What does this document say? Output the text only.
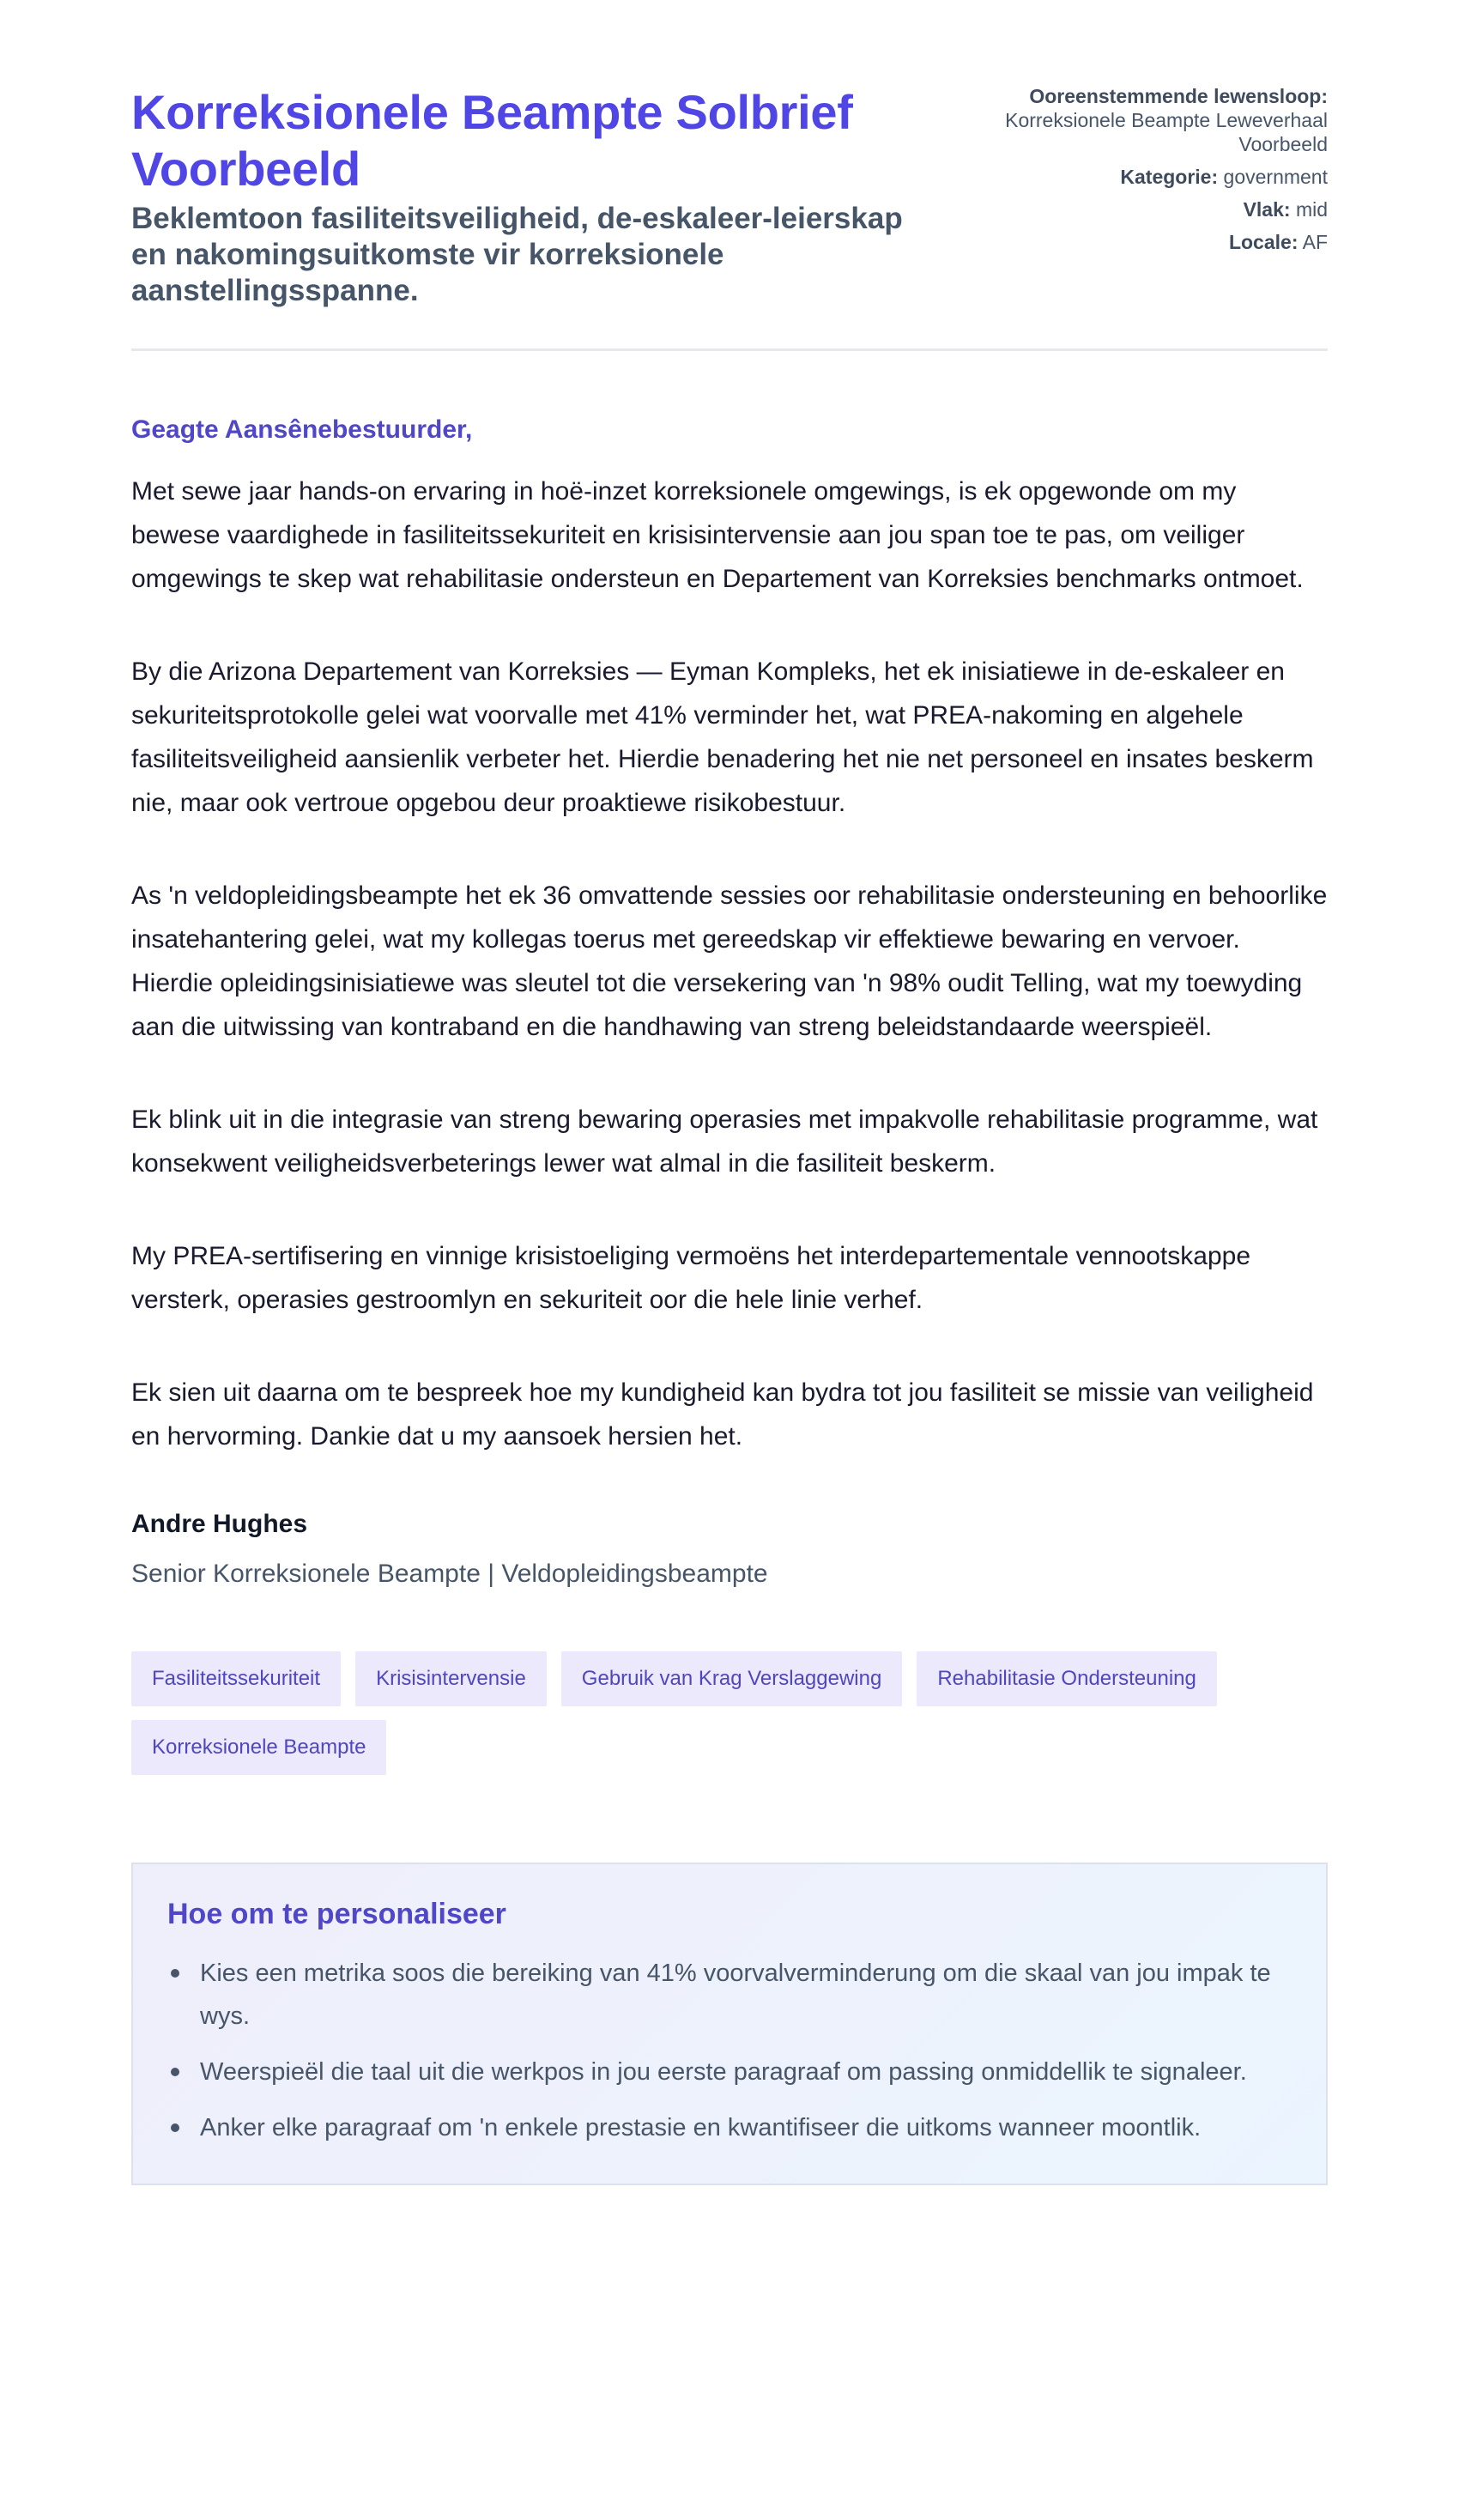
Korreksionele Beampte Solbrief Voorbeeld
Beklemtoon fasiliteitsveiligheid, de-eskaleer-leierskap en nakomingsuitkomste vir korreksionele aanstellingsspanne.
Ooreenstemmende lewensloop:
Korreksionele Beampte Leweverhaal Voorbeeld
Kategorie: government
Vlak: mid
Locale: AF

Geagte Aansênebestuurder,

Met sewe jaar hands-on ervaring in hoë-inzet korreksionele omgewings, is ek opgewonde om my bewese vaardighede in fasiliteitssekuriteit en krisisintervensie aan jou span toe te pas, om veiliger omgewings te skep wat rehabilitasie ondersteun en Departement van Korreksies benchmarks ontmoet.

By die Arizona Departement van Korreksies — Eyman Kompleks, het ek inisiatiewe in de-eskaleer en sekuriteitsprotokolle gelei wat voorvalle met 41% verminder het, wat PREA-nakoming en algehele fasiliteitsveiligheid aansienlik verbeter het. Hierdie benadering het nie net personeel en insates beskerm nie, maar ook vertroue opgebou deur proaktiewe risikobestuur.

As 'n veldopleidingsbeampte het ek 36 omvattende sessies oor rehabilitasie ondersteuning en behoorlike insatehantering gelei, wat my kollegas toerus met gereedskap vir effektiewe bewaring en vervoer. Hierdie opleidingsinisiatiewe was sleutel tot die versekering van 'n 98% oudit Telling, wat my toewyding aan die uitwissing van kontraband en die handhawing van streng beleidstandaarde weerspieël.

Ek blink uit in die integrasie van streng bewaring operasies met impakvolle rehabilitasie programme, wat konsekwent veiligheidsverbeterings lewer wat almal in die fasiliteit beskerm.

My PREA-sertifisering en vinnige krisistoeliging vermoëns het interdepartementale vennootskappe versterk, operasies gestroomlyn en sekuriteit oor die hele linie verhef.

Ek sien uit daarna om te bespreek hoe my kundigheid kan bydra tot jou fasiliteit se missie van veiligheid en hervorming. Dankie dat u my aansoek hersien het.

Andre Hughes

Senior Korreksionele Beampte | Veldopleidingsbeampte

Fasiliteitssekuriteit	Krisisintervensie	Gebruik van Krag Verslaggewing	Rehabilitasie Ondersteuning
Korreksionele Beampte
Hoe om te personaliseer
Kies een metrika soos die bereiking van 41% voorvalverminderung om die skaal van jou impak te wys.
Weerspieël die taal uit die werkpos in jou eerste paragraaf om passing onmiddellik te signaleer.
Anker elke paragraaf om 'n enkele prestasie en kwantifiseer die uitkoms wanneer moontlik.
